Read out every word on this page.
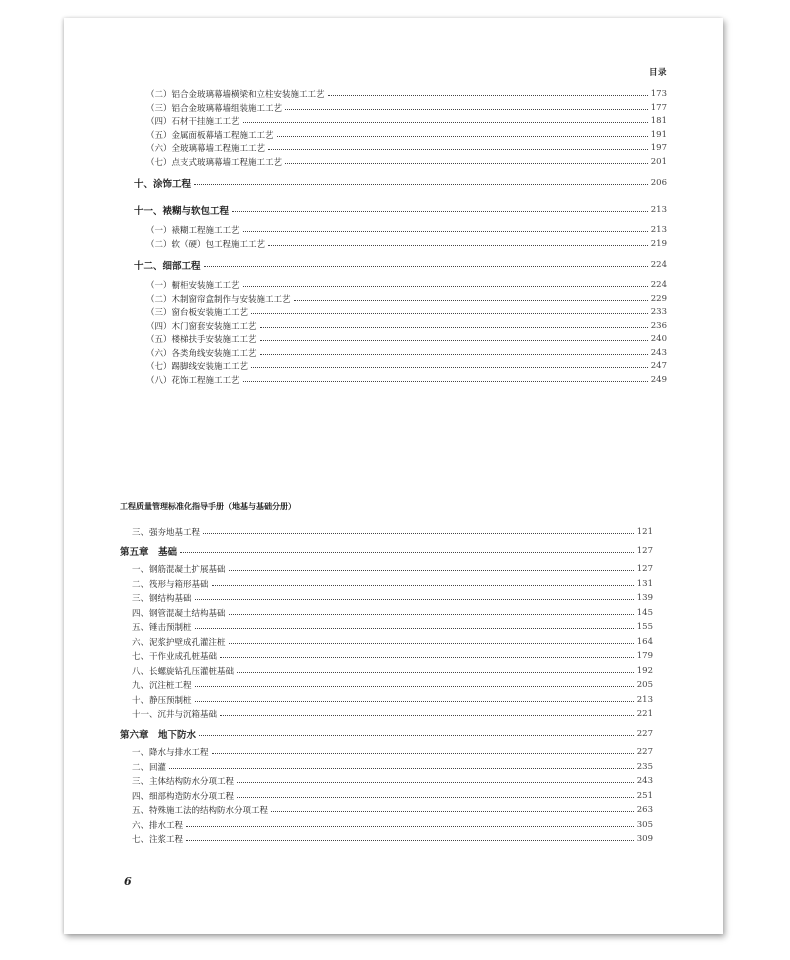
目录
（二）铝合金玻璃幕墙横梁和立柱安装施工工艺	173
（三）铝合金玻璃幕墙组装施工工艺	177
（四）石材干挂施工工艺	181
（五）金属面板幕墙工程施工工艺	191
（六）全玻璃幕墙工程施工工艺	197
（七）点支式玻璃幕墙工程施工工艺	201
十、涂饰工程	206
十一、裱糊与软包工程	213
（一）裱糊工程施工工艺	213
（二）软（硬）包工程施工工艺	219
十二、细部工程	224
（一）橱柜安装施工工艺	224
（二）木制窗帘盒制作与安装施工工艺	229
（三）窗台板安装施工工艺	233
（四）木门窗套安装施工工艺	236
（五）楼梯扶手安装施工工艺	240
（六）各类角线安装施工工艺	243
（七）踢脚线安装施工工艺	247
（八）花饰工程施工工艺	249
工程质量管理标准化指导手册（地基与基础分册）
三、强夯地基工程	121
第五章　基础	127
一、钢筋混凝土扩展基础	127
二、筏形与箱形基础	131
三、钢结构基础	139
四、钢管混凝土结构基础	145
五、锤击预制桩	155
六、泥浆护壁成孔灌注桩	164
七、干作业成孔桩基础	179
八、长螺旋钻孔压灌桩基础	192
九、沉注桩工程	205
十、静压预制桩	213
十一、沉井与沉箱基础	221
第六章　地下防水	227
一、降水与排水工程	227
二、回灌	235
三、主体结构防水分项工程	243
四、细部构造防水分项工程	251
五、特殊施工法的结构防水分项工程	263
六、排水工程	305
七、注浆工程	309
6
